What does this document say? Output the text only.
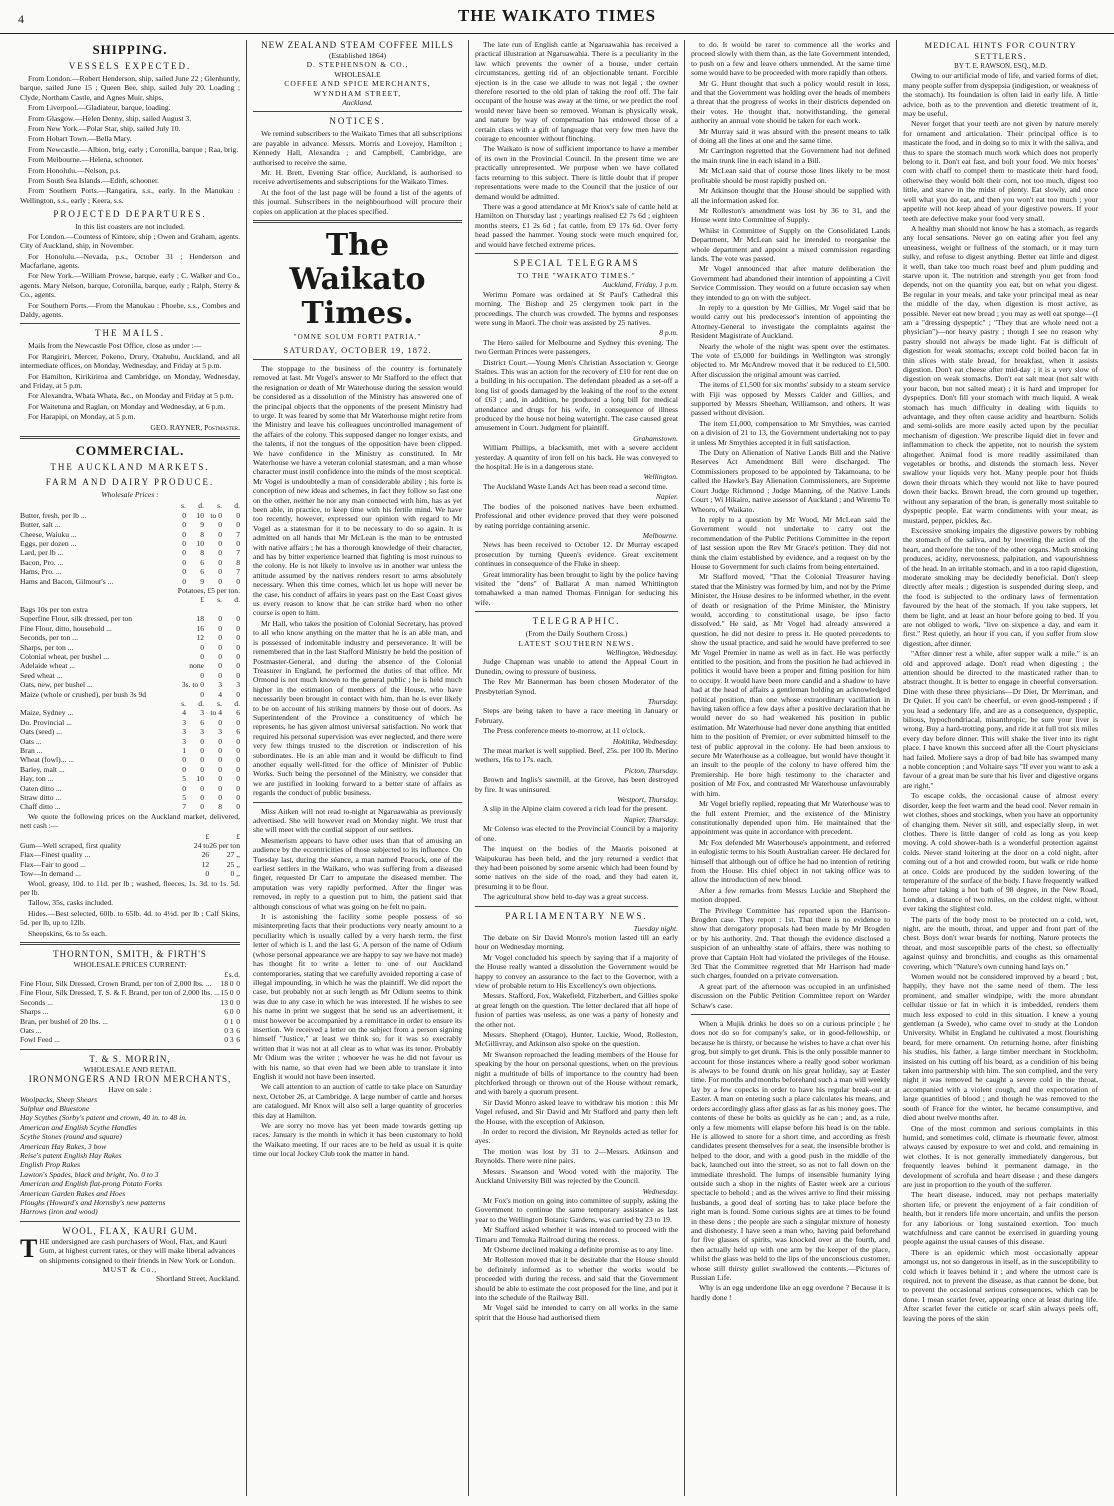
4	THE WAIKATO TIMES
SHIPPING.
VESSELS EXPECTED.

From London.—Robert Henderson, ship, sailed June 22 ; Glenhuntly, barque, sailed June 15 ; Queen Bee, ship, sailed July 20. Loading ; Clyde, Northam Castle, and Agnes Muir, ships.

From Liverpool.—Gladiateur, barque, loading.

From Glasgow.—Helen Denny, ship, sailed August 3.

From New York.—Polar Star, ship, sailed July 10.

From Hobart Town.—Bella Mary.

From Newcastle.—Albion, brig, early ; Coronilla, barque ; Raa, brig.

From Melbourne.—Helena, schooner.

From Honolulu.—Nelson, p.s.

From South Sea Islands.—Edith, schooner.

From Southern Ports.—Rangatira, s.s., early. In the Manukau : Wellington, s.s., early ; Keera, s.s.

PROJECTED DEPARTURES.
In this list coasters are not included.

For London.—Countess of Kintore, ship ; Owen and Graham, agents. City of Auckland, ship, in November.

For Honolulu.—Nevada, p.s., October 31 ; Henderson and Macfarlane, agents.

For New York.—William Prowse, barque, early ; C. Walker and Co., agents. Mary Nelson, barque, Coronilla, barque, early ; Ralph, Sterry & Co., agents.

For Southern Ports.—From the Manukau : Phoebe, s.s., Combes and Daldy, agents.

THE MAILS.

Mails from the Newcastle Post Office, close as under :—

For Rangiriri, Mercer, Pokeno, Drury, Otahuhu, Auckland, and all intermediate offices, on Monday, Wednesday, and Friday at 5 p.m.

For Hamilton, Kirikiriroa and Cambridge, on Monday, Wednesday, and Friday, at 5 p.m.

For Alexandra, Whata Whata, &c., on Monday and Friday at 5 p.m.

For Waitetuna and Raglan, on Monday and Wednesday, at 6 p.m.

For Harapipi, on Monday, at 5 p.m.

GEO. RAYNER, Postmaster.
COMMERCIAL.
THE AUCKLAND MARKETS.
FARM AND DAIRY PRODUCE.
Wholesale Prices :
	s.	d.	s.	d.
Butter, fresh, per lb ...	0	10	to 0	0
Butter, salt ...	0	9	0	0
Cheese, Waiuku ...	0	8	0	7
Eggs, per dozen ...	0	10	0	0
Lard, per lb ...	0	8	0	7
Bacon, Pro. ...	0	6	0	8
Hams, Pro. ...	0	6	0	7
Hams and Bacon, Gilmour's ...	0	9	0	0
Potatoes, £5 per ton.
	£	s.	d.
Bags 10s per ton extra			
Superfine Flour, silk dressed, per ton	18	0	0
Fine Flour, ditto, household ...	16	0	0
Seconds, per ton ...	12	0	0
Sharps, per ton ...	0	0	0
Colonial wheat, per bushel ...	0	0	0
Adelaide wheat ...	none	0	0
Seed wheat ...	0	0	0
Oats, new, per bushel ...	3s. to 0	3	3
Maize (whole or crushed), per bush 3s 9d	0	4	0
	s.	d.	s.	d.
Maize, Sydney ...	4	3	to 4	6
Do. Provincial ...	3	6	0	0
Oats (seed) ...	3	3	3	6
Oats ...	3	0	0	0
Bran ...	1	0	0	0
Wheat (fowl)... ...	0	0	0	0
Barley, malt ...	0	0	0	0
Hay, ton ...	5	10	0	0
Oaten ditto ...	0	0	0	0
Straw ditto ...	5	0	0	0
Chaff ditto ...	7	0	8	0

We quote the following prices on the Auckland market, delivered, nett cash :—

	£	£
Gum—Well scraped, first quality	24 to	26 per ton
Flax—Finest quality ...	26	27 ,,
Flax—Fair to good ...	12	25 ,,
Tow—In demand ...	0	0 ,,

Wool, greasy, 10d. to 11d. per lb ; washed, fleeces, 1s. 3d. to 1s. 5d. per lb.

Tallow, 35s, casks included.

Hides.—Best selected, 60lb. to 65lb. 4d. to 4½d. per lb ; Calf Skins, 5d. per lb, up to 12lb.

Sheepskins, 6s to 5s each.

THORNTON, SMITH, & FIRTH'S
WHOLESALE PRICES CURRENT:
	£	s.	d.
Fine Flour, Silk Dressed, Crown Brand, per ton of 2,000 lbs. ...	18	0	0
Fine Flour, Silk Dressed, T. S. & F. Brand, per ton of 2,000 lbs. ...	15	0	0
Seconds ...	13	0	0
Sharps ...	6	0	0
Bran, per bushel of 20 lbs. ...	0	1	0
Oats ...	0	3	6
Fowl Feed ...	0	3	6
T. & S. MORRIN,
WHOLESALE AND RETAIL
IRONMONGERS AND IRON MERCHANTS,
Have on sale :
Woolpacks, Sheep Shears
Sulphur and Bluestone
Hay Scythes (Sorby's patent and crown, 40 in. to 48 in.
American and English Scythe Handles
Scythe Stones (round and square)
American Hay Rakes, 3 bow
Reise's patent English Hay Rakes
English Prop Rakes
Lawton's Spades, black and bright, No. 0 to 3
American and English flat-prong Potato Forks
American Garden Rakes and Hoes
Ploughs (Howard's and Hornsby's new patterns
Harrows (iron and wood)
WOOL, FLAX, KAURI GUM.
T HE undersigned are cash purchasers of Wool, Flax, and Kauri Gum, at highest current rates, or they will make liberal advances on shipments consigned to their friends in New York or London.
MUST & Co.,
Shortland Street, Auckland.
NEW ZEALAND STEAM COFFEE MILLS
(Established 1864)
D. STEPHENSON & CO.,
WHOLESALE
COFFEE AND SPICE MERCHANTS,
WYNDHAM STREET,
Auckland.
NOTICES.

We remind subscribers to the Waikato Times that all subscriptions are payable in advance. Messrs. Morris and Lovejoy, Hamilton ; Kennedy Hall, Alexandra ; and Campbell, Cambridge, are authorised to receive the same.

Mr. H. Brett, Evening Star office, Auckland, is authorised to receive advertisements and subscriptions for the Waikato Times.

At the foot of the last page will be found a list of the agents of this journal. Subscribers in the neighbourhood will procure their copies on application at the places specified.

The Waikato Times.
"OMNE SOLUM FORTI PATRIA."
SATURDAY, OCTOBER 19, 1872.

The stoppage to the business of the country is fortunately removed at last. Mr Vogel's answer to Mr Stafford to the effect that the resignation or death of Mr Waterhouse during the session would be considered as a dissolution of the Ministry has answered one of the principal objects that the opponents of the present Ministry had to urge. It was feared by some that Mr Waterhouse might retire from the Ministry and leave his colleagues uncontrolled management of the affairs of the colony. This supposed danger no longer exists, and the talents, if not the tongues of the opposition have been clipped. We have confidence in the Ministry as constituted. In Mr Waterhouse we have a veteran colonial statesman, and a man whose character must instil confidence into the minds of the most sceptical. Mr Vogel is undoubtedly a man of considerable ability ; his forte is conception of new ideas and schemes, in fact they follow so fast one on the other, neither he nor any man connected with him, has as yet been able, in practice, to keep time with his fertile mind. We have too recently, however, expressed our opinion with regard to Mr Vogel as a statesman for it to be necessary to do so again. It is admitted on all hands that Mr McLean is the man to be entrusted with native affairs ; he has a thorough knowledge of their character, and has by bitter experience learned that fighting is most ruinous to the colony. He is not likely to involve us in another war unless the attitude assumed by the natives renders resort to arms absolutely necessary. When this time comes, which let us hope will never be the case, his conduct of affairs in years past on the East Coast gives us every reason to know that he can strike hard when no other course is open to him.

Mr Hall, who takes the position of Colonial Secretary, has proved to all who know anything on the matter that he is an able man, and is possessed of indomitable industry and perseverance. It will be remembered that in the last Stafford Ministry he held the position of Postmaster-General, and during the absence of the Colonial Treasurer in England, he performed the duties of that office. Mr Ormond is not much known to the general public ; he is held much higher in the estimation of members of the House, who have necessarily been brought in contact with him, than he is ever likely to be on account of his striking manners by those out of doors. As Superintendent of the Province a constituency of which he represents, he has given almost universal satisfaction. No work that required his personal supervision was ever neglected, and there were very few things trusted to the discretion or indiscretion of his subordinates. He is an able man and it would be difficult to find another equally well-fitted for the office of Minister of Public Works. Such being the personnel of the Ministry, we consider that we are justified in looking forward to a better state of affairs as regards the conduct of public business.

Miss Aitken will not read to-night at Ngaruawahia as previously advertised. She will however read on Monday night. We trust that she will meet with the cordial support of our settlers.

Mesmerism appears to have other uses than that of amusing an audience by the eccentricities of those subjected to its influence. On Tuesday last, during the séance, a man named Peacock, one of the earliest settlers in the Waikato, who was suffering from a diseased finger, requested Dr Carr to amputate the diseased member. The amputation was very rapidly performed. After the finger was removed, in reply to a question put to him, the patient said that although conscious of what was going on he felt no pain.

It is astonishing the facility some people possess of so misinterpreting facts that their productions very nearly amount to a peculiarity which is usually called by a very harsh term, the first letter of which is L and the last G. A person of the name of Odium (whose personal appearance we are happy to say we have not made) has thought fit to write a letter to one of our Auckland contemporaries, stating that we carefully avoided reporting a case of illegal impounding, in which he was the plaintiff. We did report the case, but probably not at such length as Mr Odium seems to think was due to any case in which he was interested. If he wishes to see his name in print we suggest that he send us an advertisement, it must however be accompanied by a remittance in order to ensure its insertion. We received a letter on the subject from a person signing himself "Justice," at least we think so, for it was so execrably written that it was not at all clear as to what was its tenor. Probably Mr Odium was the writer ; whoever he was he did not favour us with his name, so that even had we been able to translate it into English it would not have been inserted.

We call attention to an auction of cattle to take place on Saturday next, October 26, at Cambridge. A large number of cattle and horses are catalogued. Mr Knox will also sell a large quantity of groceries this day at Hamilton.

We are sorry no move has yet been made towards getting up races. January is the month in which it has been customary to hold the Waikato meeting. If our races are to be held as usual it is quite time our local Jockey Club took the matter in hand.

The late run of English cattle at Ngaruawahia has received a practical illustration at Ngaruawahia. There is a peculiarity in the law which prevents the owner of a house, under certain circumstances, getting rid of an objectionable tenant. Forcible ejection is in the case we allude to was not legal ; the owner therefore resorted to the old plan of taking the roof off. The fair occupant of the house was away at the time, or we predict the roof would never have been so removed. Woman is physically weak, and nature by way of compensation has endowed those of a certain class with a gift of language that very few men have the courage to encounter without flinching.

The Waikato is now of sufficient importance to have a member of its own in the Provincial Council. In the present time we are practically unrepresented. We purpose when we have collated facts returning to this subject. There is little doubt that if proper representations were made to the Council that the justice of our demand would be admitted.

There was a good attendance at Mr Knox's sale of cattle held at Hamilton on Thursday last ; yearlings realised £2 7s 6d ; eighteen months steers, £1 2s 6d ; fat cattle, from £9 17s 6d. Over forty head passed the hammer. Young stock were much enquired for, and would have fetched extreme prices.

SPECIAL TELEGRAMS
TO THE "WAIKATO TIMES."
Auckland, Friday, 1 p.m.

Werimu Pomare was ordained at St Paul's Cathedral this morning. The Bishop and 25 clergymen took part in the proceedings. The church was crowded. The hymns and responses were sung in Maori. The choir was assisted by 25 natives.

8 p.m.

The Hero sailed for Melbourne and Sydney this evening. The two German Princes were passengers.

District Court.—Young Men's Christian Association v. George Staines. This was an action for the recovery of £10 for rent due on a building in his occupation. The defendant pleaded as a set-off a long list of goods damaged by the leaking of the roof to the extent of £63 ; and, in addition, he produced a long bill for medical attendance and drugs for his wife, in consequence of illness produced by the house not being watertight. The case caused great amusement in Court. Judgment for plaintiff.

Grahamstown.

William Phillips, a blacksmith, met with a severe accident yesterday. A quantity of iron fell on his back. He was conveyed to the hospital. He is in a dangerous state.

Wellington.

The Auckland Waste Lands Act has been read a second time.

Napier.

The bodies of the poisoned natives have been exhumed. Professional and other evidence proved that they were poisoned by eating porridge containing arsenic.

Melbourne.

News has been received to October 12. Dr Murray escaped prosecution by turning Queen's evidence. Great excitement continues in consequence of the Fluke in sheep.

Great immorality has been brought to light by the police having visited the "dens" of Ballarat A man named Whittington tomahawked a man named Thomas Finnigan for seducing his wife.

TELEGRAPHIC.
(From the Daily Southern Cross.)
LATEST SOUTHERN NEWS.
Wellington, Wednesday.

Judge Chapman was unable to attend the Appeal Court in Dunedin, owing to pressure of business.

The Rev Mr Bannerman has been chosen Moderator of the Presbyterian Synod.

Thursday.

Steps are being taken to have a race meeting in January or February.

The Press conference meets to-morrow, at 11 o'clock.

Hokitika, Wednesday.

The meat market is well supplied. Beef, 25s. per 100 lb. Merino wethers, 16s to 17s. each.

Picton, Thursday.

Brown and Inglis's sawmill, at the Grove, has been destroyed by fire. It was uninsured.

Westport, Thursday.

A slip in the Alpine claim covered a rich lead for the present.

Napier, Thursday.

Mr Colenso was elected to the Provincial Council by a majority of one.

The inquest on the bodies of the Maoris poisoned at Waipukurau has been held, and the jury returned a verdict that they had been poisoned by some arsenic which had been found by some natives on the side of the road, and they had eaten it, presuming it to be flour.

The agricultural show held to-day was a great success.

PARLIAMENTARY NEWS.
Tuesday night.

The debate on Sir David Monro's motion lasted till an early hour on Wednesday morning.

Mr Vogel concluded his speech by saying that if a majority of the House really wanted a dissolution the Government would be happy to convey an assurance to the fact to the Governor, with a view of probable return to His Excellency's own objections.

Messrs. Stafford, Fox, Wakefield, Fitzherbert, and Gillies spoke at great length on the question. The letter declared that all hope of fusion of parties was useless, as one was a party of honesty and the other not.

Messrs. Shepherd (Otago), Hunter, Luckie, Wood, Rolleston, McGillivray, and Atkinson also spoke on the question.

Mr Swanson reproached the leading members of the House for speaking by the hour on personal questions, when on the previous night a multitude of bills of importance to the country had been pitchforked through or thrown out of the House without remark, and with barely a quorum present.

Sir David Monro asked leave to withdraw his motion : this Mr Vogel refused, and Sir David and Mr Stafford and party then left the House, with the exception of Atkinson.

In order to record the division, Mr Reynolds acted as teller for ayes.

The motion was lost by 31 to 2—Messrs. Atkinson and Reynolds. There were nine pairs.

Messrs. Swanson and Wood voted with the majority. The Auckland University Bill was rejected by the Council.

Wednesday.

Mr Fox's motion on going into committee of supply, asking the Government to continue the same temporary assistance as last year to the Wellington Botanic Gardens, was carried by 23 to 19.

Mr Stafford asked whether it was intended to proceed with the Timaru and Temuka Railroad during the recess.

Mr Osborne declined making a definite promise as to any line.

Mr Rolleston moved that it be desirable that the House should be definitely informed as to whether the works would be proceeded with during the recess, and said that the Government should be able to estimate the cost proposed for the line, and put it into the schedule of the Railway Bill.

Mr Vogel said he intended to carry on all works in the same spirit that the House had authorised them

to do. It would be rarer to commence all the works and proceed slowly with them than, as the late Government intended, to push on a few and leave others unmended. At the same time some would have to be proceeded with more rapidly than others.

Mr G. Hunt thought that such a policy would result in loss, and that the Government was holding over the heads of members a threat that the progress of works in their districts depended on their votes. He thought that, notwithstanding, the general authority an annual vote should be taken for each work.

Mr Murray said it was absurd with the present means to talk of doing all the lines at one and the same time.

Mr Carrington regretted that the Government had not defined the main trunk line in each island in a Bill.

Mr McLean said that of course those lines likely to be most profitable should be most rapidly pushed on.

Mr Atkinson thought that the House should be supplied with all the information asked for.

Mr Rolleston's amendment was lost by 36 to 31, and the House went into Committee of Supply.

Whilst in Committee of Supply on the Consolidated Lands Department, Mr McLean said he intended to reorganise the whole department and appoint a mixed commission regarding lands. The vote was passed.

Mr Vogel announced that after mature deliberation the Government had abandoned their intention of appointing a Civil Service Commission. They would on a future occasion say when they intended to go on with the subject.

In reply to a question by Mr Gillies, Mr Vogel said that he would carry out his predecessor's intention of appointing the Attorney-General to investigate the complaints against the Resident Magistrate of Auckland.

Nearly the whole of the night was spent over the estimates. The vote of £5,000 for buildings in Wellington was strongly objected to. Mr McAndrew moved that it be reduced to £1,500. After discussion the original amount was carried.

The items of £1,500 for six months' subsidy to a steam service with Fiji was opposed by Messrs Calder and Gillies, and supported by Messrs Sheehan, Williamson, and others. It was passed without division.

The item £1,000, compensation to Mr Smythies, was carried on a division of 21 to 13, the Government undertaking not to pay it unless Mr Smythies accepted it in full satisfaction.

The Duty on Alienation of Native Lands Bill and the Native Reserves Act Amendment Bill were discharged. The Commissioners proposed to be appointed by Takamoana, to be called the Hawke's Bay Alienation Commissioners, are Supreme Court Judge Richmond ; Judge Manning, of the Native Lands Court ; Wi Hikairo, native assessor of Auckland ; and Wiremu Te Wheoro, of Waikato.

In reply to a question by Mr Wood, Mr McLean said the Government would not undertake to carry out the recommendation of the Public Petitions Committee in the report of last session upon the Rev Mr Grace's petition. They did not think the claim established by evidence, and a request on by the House to Government for such claims from being entertained.

Mr Stafford moved, "That the Colonial Treasurer having stated that the Ministry was formed by him, and not by the Prime Minister, the House desires to be informed whether, in the event of death or resignation of the Prime Minister, the Ministry would, according to constitutional usage, be ipso facto dissolved." He said, as Mr Vogel had already answered a question, he did not desire to press it. He quoted precedents to show the usual practice, and said he would have preferred to see Mr Vogel Premier in name as well as in fact. He was perfectly entitled to the position, and from the position he had achieved in politics it would have been a proper and fitting position for him to occupy. It would have been more candid and a shadow to have had at the head of affairs a gentleman holding an acknowledged political position, than one whose extraordinary vacillation in having taken office a few days after a positive declaration that he would never do so had weakened his position in public estimation. Mr Waterhouse had never done anything that entitled him to the position of Premier, or ever submitted himself to the test of public approval in the colony. He had been anxious to secure Mr Waterhouse as a colleague, but would have thought it an insult to the people of the colony to have offered him the Premiership. He bore high testimony to the character and position of Mr Fox, and contrasted Mr Waterhouse unfavourably with him.

Mr Vogel briefly replied, repeating that Mr Waterhouse was to the full extent Premier, and the existence of the Ministry constitutionally depended upon him. He maintained that the appointment was quite in accordance with precedent.

Mr Fox defended Mr Waterhouse's appointment, and referred in eulogistic terms to his South Australian career. He declared for himself that although out of office he had no intention of retiring from the House. His chief object in not taking office was to allow the introduction of new blood.

After a few remarks from Messrs Luckie and Shepherd the motion dropped.

The Privilege Committee has reported upon the Harrison-Brogden case. They report : 1st. That there is no evidence to show that derogatory proposals had been made by Mr Brogden or by his authority. 2nd. That though the evidence disclosed a suspicion of an unhealthy state of affairs, there was nothing to prove that Captain Holt had violated the privileges of the House. 3rd That the Committee regretted that Mr Harrison had made such charges, founded on a private conversation.

A great part of the afternoon was occupied in an unfinished discussion on the Public Petition Committee report on Warder Schaw's case.

When a Mujik drinks he does so on a curious principle ; he does not do so for company's sake, or in good-fellowship, or because he is thirsty, or because he wishes to have a chat over his grog, but simply to get drunk. This is the only possible manner to account for those instances where a really good sober workman is always to be found drunk on his great holiday, say at Easter time. For months and months beforehand such a man will weekly lay by a few copecks in order to have his regular break-out at Easter. A man on entering such a place calculates his means, and orders accordingly glass after glass as far as his money goes. The contents of these he bolts as quickly as he can ; and, as a rule, only a few moments will elapse before his head is on the table. He is allowed to snore for a short time, and according as fresh candidates present themselves for a seat, the insensible brother is helped to the door, and with a good push in the middle of the back, launched out into the street, so as not to fall down on the immediate threshold. The lumps of insensible humanity lying outside such a shop in the nights of Easter week are a curious spectacle to behold ; and as the wives arrive to find their missing husbands, a good deal of sorting has to take place before the right man is found. Some curious sights are at times to be found in these dens ; the people are such a singular mixture of honesty and dishonesty. I have seen a man who, having paid beforehand for five glasses of spirits, was knocked over at the fourth, and then actually held up with one arm by the keeper of the place, whilst the glass was held to the lips of the unconscious customer, whose still thirsty gullet swallowed the contents.—Pictures of Russian Life.

Why is an egg underdone like an egg overdone ? Because it is hardly done !

MEDICAL HINTS FOR COUNTRY SETTLERS.
BY T. E. RAWSON, ESQ., M.D.

Owing to our artificial mode of life, and varied forms of diet, many people suffer from dyspepsia (indigestion, or weakness of the stomach). Its foundation is often laid in early life. A little advice, both as to the prevention and dietetic treatment of it, may be useful.

Never forget that your teeth are not given by nature merely for ornament and articulation. Their principal office is to masticate the food, and in doing so to mix it with the saliva, and thus to spare the stomach much work which does not properly belong to it. Don't eat fast, and bolt your food. We mix horses' corn with chaff to compel them to masticate their hard food, otherwise they would bolt their corn, not too much, digest too little, and starve in the midst of plenty. Eat slowly, and once well what you do eat, and then you won't eat too much ; your appetite will not keep ahead of your digestive powers. If your teeth are defective make your food very small.

A healthy man should not know he has a stomach, as regards any local sensations. Never go on eating after you feel any uneasiness, weight or fullness of the stomach, or it may turn sulky, and refuse to digest anything. Better eat little and digest it well, than take too much roast beef and plum pudding and starve upon it. The nutrition and strength you get from food depends, not on the quantity you eat, but on what you digest. Be regular in your meals, and take your principal meal as near the middle of the day, when digestion is most active, as possible. Never eat new bread ; you may as well eat sponge—(I am a "dressing dyspeptic" ; "They that are whole need not a physician")—nor heavy pastry ; though I see no reason why pastry should not always be made light. Fat is difficult of digestion for weak stomachs, except cold boiled bacon fat in thin slices with stale bread, for breakfast, when it assists digestion. Don't eat cheese after mid-day ; it is a very slow of digestion on weak stomachs. Don't eat salt meat (not salt with your bacon, but not salted meat) ; it is hard and improper for dyspeptics. Don't fill your stomach with much liquid. A weak stomach has much difficulty in dealing with liquids to advantage, and they often cause acidity and heartburn. Solids and semi-solids are more easily acted upon by the peculiar mechanism of digestion. We prescribe liquid diet in fever and inflammation to check the appetite, not to nourish the system altogether. Animal food is more readily assimilated than vegetables or broths, and distends the stomach less. Never swallow your liquids very hot. Many people pour hot fluids down their throats which they would not like to have poured down their backs. Brown bread, the corn ground up together, without any separation of the bran, is generally most suitable to dyspeptic people. Eat warm condiments with your meat, as mustard, pepper, pickles, &c.

Excessive smoking impairs the digestive powers by robbing the stomach of the saliva, and by lowering the action of the heart, and therefore the tone of the other organs. Much smoking produces, acidity, nervousness, palpitation, and vapourishness of the head. In an irritable stomach, and in a too rapid digestion, moderate smoking may be decidedly beneficial. Don't sleep directly after meals ; digestion is suspended during sleep, and the food is subjected to the ordinary laws of fermentation favoured by the heat of the stomach. If you take suppers, let them be light, and at least an hour before going to bed. If you are not obliged to work, "live on sixpence a day, and earn it first." Rest quietly, an hour if you can, if you suffer from slow digestion, after dinner.

"After dinner rest a while, after supper walk a mile." is an old and approved adage. Don't read when digesting ; the attention should be directed to the masticated rather than to abstract thought. It is better to engage in cheerful conversation. Dine with these three physicians—Dr Diet, Dr Merriman, and Dr Quiet. If you can't be cheerful, or even good-tempered ; if you lead a sedentary life, and are as a consequence, dyspeptic, bilious, hypochondriacal, misanthropic, be sure your liver is wrong. Buy a hard-trotting pony, and ride it at full trot six miles every day before dinner. This will shake the liver into its right place. I have known this succeed after all the Court physicians had failed. Moliere says a drop of bad bile has swamped many a noble conception ; and Voltaire says "If ever you want to ask a favour of a great man be sure that his liver and digestive organs are right."

To escape colds, the occasional cause of almost every disorder, keep the feet warm and the head cool. Never remain in wet clothes, shoes and stockings, when you have an opportunity of changing them. Never sit still, and especially sleep, in wet clothes. There is little danger of cold as long as you keep moving. A cold shower-bath is a wonderful protection against colds. Never stand loitering at the door on a cold night, after coming out of a hot and crowded room, but walk or ride home at once. Colds are produced by the sudden lowering of the temperature of the surface of the body. I have frequently walked home after taking a hot bath of 98 degree, in the New Road, London, a distance of two miles, on the coldest night, without ever taking the slightest cold.

The parts of the body most to be protected on a cold, wet, night, are the mouth, throat, and upper and front part of the chest. Boys don't wear beards for nothing. Nature protects the throat, and most susceptible parts of the chest, so effectually against quinsy and bronchitis, and coughs as this ornamental covering, which "Nature's own cunning hand lays on."

Women would not be considered improved by a beard ; but, happily, they have not the same need of them. The less prominent, and smaller windpipe, with the more abundant cellular tissue or fat in which it is imbedded, renders them much less exposed to cold in this situation. I knew a young gentleman (a Swede), who came over to study at the London University. Whilst in England he cultivated a most flourishing beard, for mere ornament. On returning home, after finishing his studies, his father, a large timber merchant in Stockholm, insisted on his cutting off his beard, as a condition of his being taken into partnership with him. The son complied, and the very night it was removed he caught a severe cold in the throat, accompanied with a violent cough, and the expectoration of large quantities of blood ; and though he was removed to the south of France for the winter, he became consumptive, and died about twelve months after.

One of the most common and serious complaints in this humid, and sometimes cold, climate is rheumatic fever, almost always caused by exposure to wet and cold, and remaining in wet clothes. It is not generally immediately dangerous, but frequently leaves behind it permanent damage, in the development of scrofula and heart disease ; and these dangers are just in proportion to the youth of the sufferer.

The heart disease, induced, may not perhaps materially shorten life, or prevent the enjoyment of a fair condition of health, but it renders life more uncertain, and unfits the person for any laborious or long sustained exertion. Too much watchfulness and care cannot be exercised in guarding young people against the usual causes of this disease.

There is an epidemic which most occasionally appear amongst us, not so dangerous in itself, as in the susceptibility to cold which it leaves behind it ; and where the utmost care is required, not to prevent the disease, as that cannot be done, but to prevent the occasional serious consequences, which can be done. I mean scarlet fever, appearing once at least during life. After scarlet fever the cuticle or scarf skin always peels off, leaving the pores of the skin
